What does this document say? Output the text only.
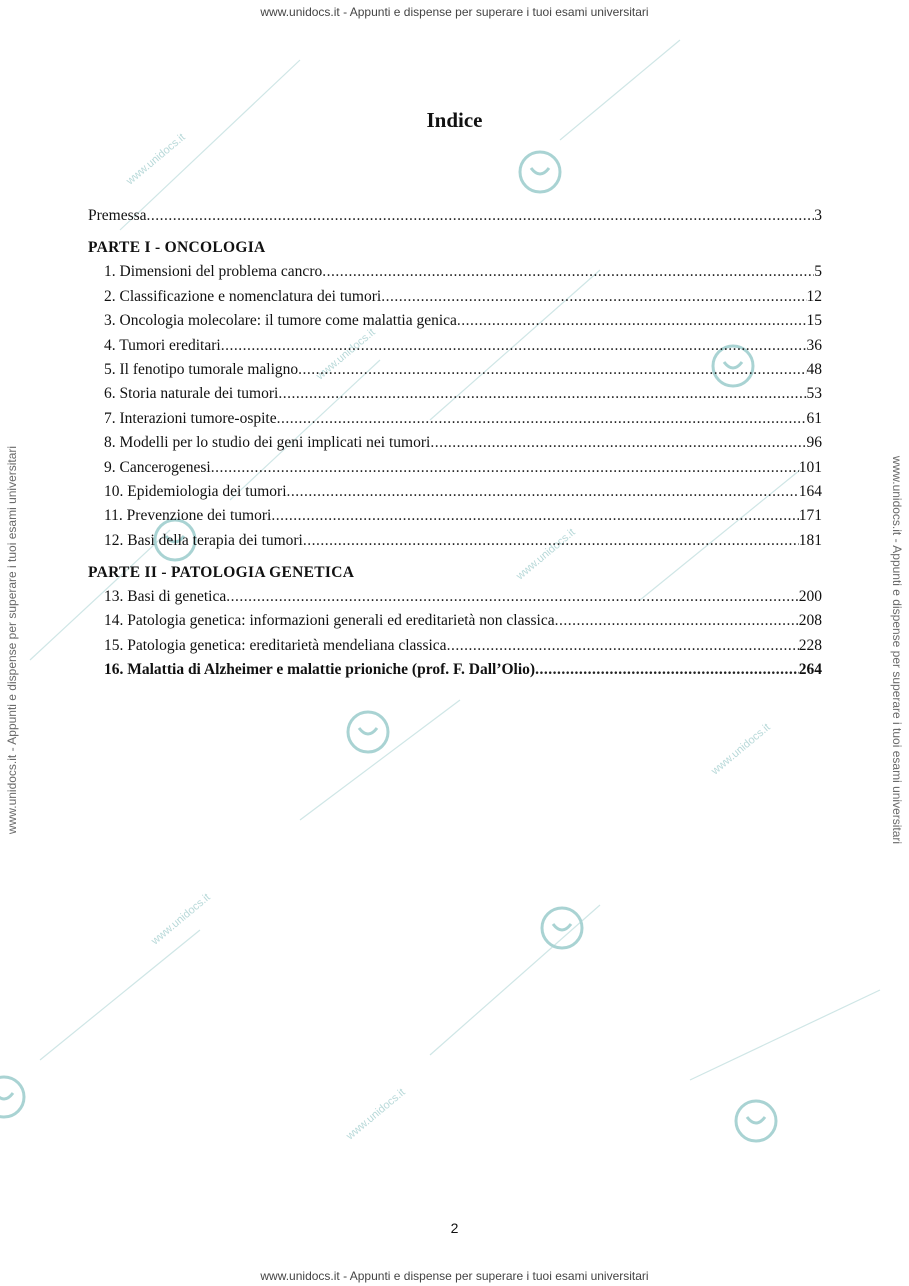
www.unidocs.it
www.unidocs.it
www.unidocs.it
www.unidocs.it
www.unidocs.it
www.unidocs.it
www.unidocs.it - Appunti e dispense per superare i tuoi esami universitari
www.unidocs.it - Appunti e dispense per superare i tuoi esami universitari	www.unidocs.it - Appunti e dispense per superare i tuoi esami universitari
Indice
Premessa .....	3
PARTE I - ONCOLOGIA
1. Dimensioni del problema cancro .....	5
2. Classificazione e nomenclatura dei tumori .....	12
3. Oncologia molecolare: il tumore come malattia genica .....	15
4. Tumori ereditari .....	36
5. Il fenotipo tumorale maligno .....	48
6. Storia naturale dei tumori .....	53
7. Interazioni tumore-ospite .....	61
8. Modelli per lo studio dei geni implicati nei tumori .....	96
9. Cancerogenesi .....	101
10. Epidemiologia dei tumori .....	164
11. Prevenzione dei tumori .....	171
12. Basi della terapia dei tumori .....	181
PARTE II - PATOLOGIA GENETICA
13. Basi di genetica .....	200
14. Patologia genetica: informazioni generali ed ereditarietà non classica .....	208
15. Patologia genetica: ereditarietà mendeliana classica .....	228
16. Malattia di Alzheimer e malattie prioniche (prof. F. Dall’Olio) .....	264
2
www.unidocs.it - Appunti e dispense per superare i tuoi esami universitari
